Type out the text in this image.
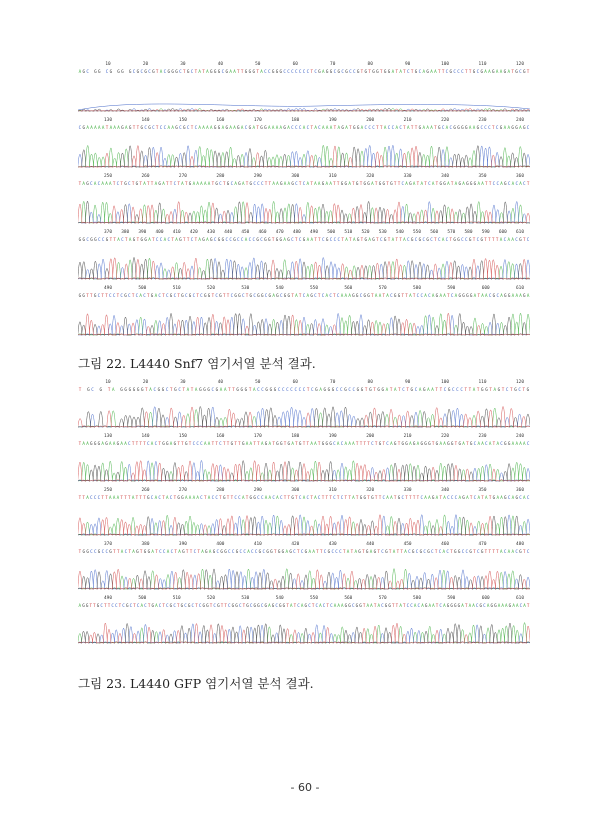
10	20	30	40	50	60	70	80	90	100	110	120
A G C G G C G G G G C G C G C G T A C G G G C T G C T A T A G G G C G A A T T G G G T A C C G G G C C C C C C C T C G A G G C G C G C C G T G T G G T G G A T A T C T G C A G A A T T C G C C C T T G C G A A G A A G A T G C G T
130	140	150	160	170	180	190	200	210	220	230	240
C G A A A A A T A A A G A G T T G C G C T C C A A G C G C T C A A A A G G A G A A G A C G A T G G A A A A G A C C C A C T A C A A A T A G A T G G A C C C T T A C C A C T A T T G A A A T G C A C G G G G A A G C C C T C G A A G G A G C
250	260	270	280	290	300	310	320	330	340	350	360
T A G C A C A A A T C T G C T G T A T T A G A T T C T A T G A A A A A T G C T G C A G A T G C C C T T A A G A A G C T C A T A A G A A T T G G A T G T G G A T G G T G T T C A G A T A T C A T G G A T A G A G G G A A T T C C A G C A C A C T
370 380 390 400 410 420 430 440 450 460 470 480 490 500 510 520 530 540 550 560 570 580 590 600 610
G G C G G C C G T T A C T A G T G G A T C C A C T A G T T C T A G A G C G G C C G C C A C C G C G G T G G A G C T C G A A T T C G C C C T A T A G T G A G T C G T A T T A C G C G C G C T C A C T G G C C G T C G T T T T A C A A C G T C
490	500	510	520	530	540	550	560	570	580	590	600	610
G G T T G C T T C C T C G C T C A C T G A C T C G C T G C G C T C G G T C G T T C G G C T G C G G C G A G C G G T A T C A G C T C A C T C A A A G G C G G T A A T A C G G T T A T C C A C A G A A T C A G G G G A T A A C G C A G G A A A G A
그림 22. L4440 Snf7 염기서열 분석 결과.
10	20	30	40	50	60	70	80	90	100	110	120
T G C G T A G G G G G G T A C G G C T G C T A T A G G G C G A A T T G G G T A C C G G G C C C C C C C T C G A G G G C C G C C G G T G T G G A T A T C T G C A G A A T T C G C C C T T A T G G T A G T C T G C T G
130	140	150	160	170	180	190	200	210	220	230	240
T A A G G G A G A A G A A C T T T T C A C T G G A G T T G T C C C A A T T C T T G T T G A A T T A G A T G G T G A T G T T A A T G G G C A C A A A T T T T C T G T C A G T G G A G A G G G T G A A G G T G A T G C A A C A T A C G G A A A A C
250	260	270	280	290	300	310	320	330	340	350	360
T T A C C C T T A A A T T T A T T T G C A C T A C T G G A A A A C T A C C T G T T C C A T G G C C A A C A C T T G T C A C T A C T T T C T C T T A T G G T G T T C A A T G C T T T T C A A G A T A C C C A G A T C A T A T G A A G C A G C A C
370	380	390	400	410	420	430	440	450	460	470	480
T G G C C G C C G T T A C T A G T G G A T C C A C T A G T T C T A G A G C G G C C G C C A C C G C G G T G G A G C T C G A A T T C G C C C T A T A G T G A G T C G T A T T A C G C G C G C T C A C T G G C C G T C G T T T T A C A A C G T C
490	500	510	520	530	540	550	560	570	580	590	600	610
A G G T T G C T T C C T C G C T C A C T G A C T C G C T G C G C T C G G T C G T T C G G C T G C G G C G A G C G G T A T C A G C T C A C T C A A A G G C G G T A A T A C G G T T A T C C A C A G A A T C A G G G G A T A A C G C A G G A A A G A A C A T
그림 23. L4440 GFP 염기서열 분석 결과.
- 60 -
